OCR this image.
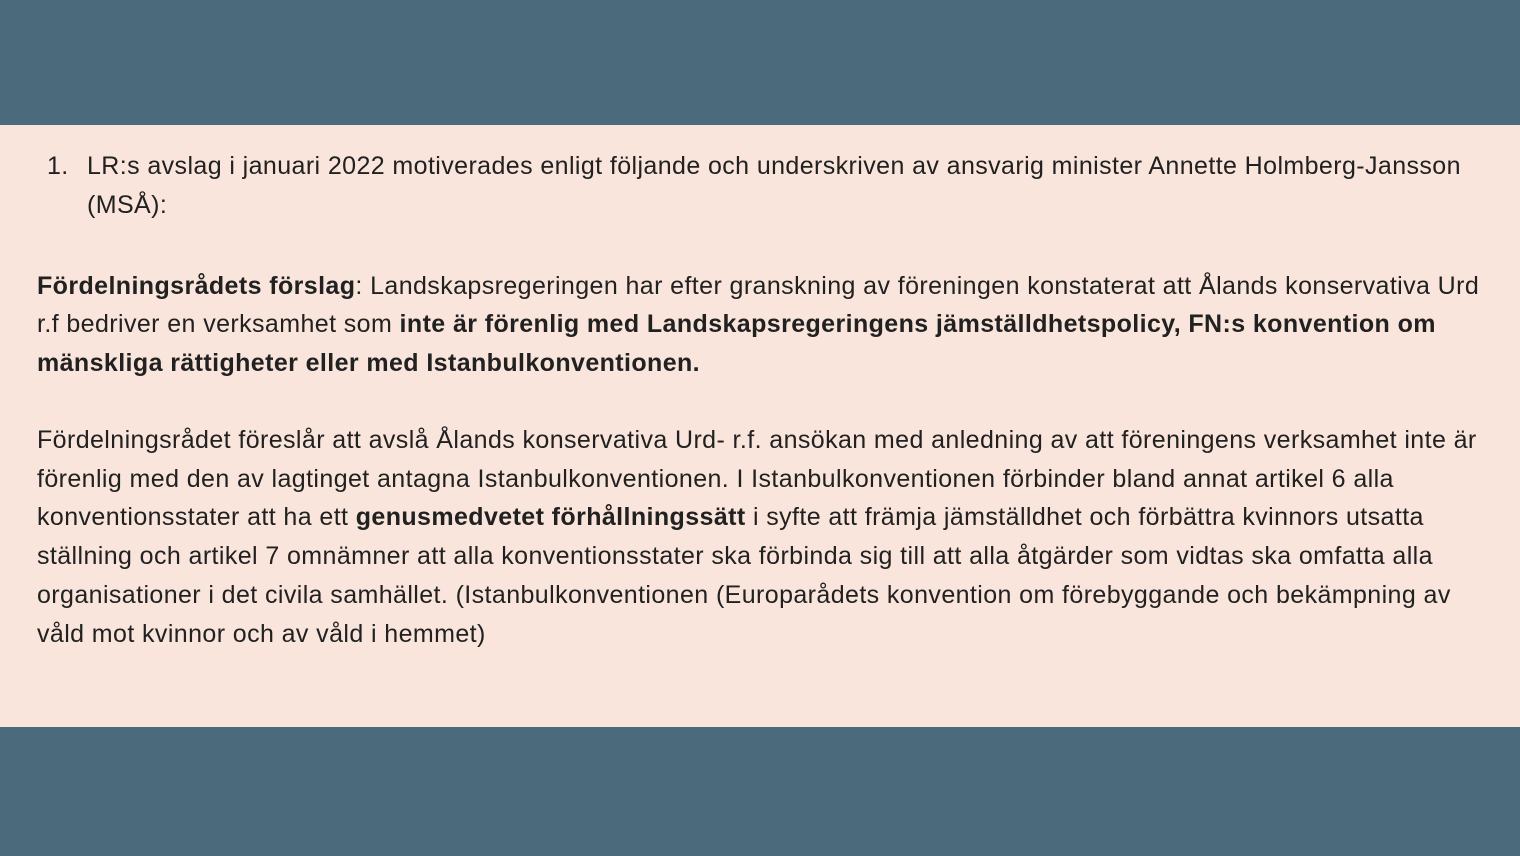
1. LR:s avslag i januari 2022 motiverades enligt följande och underskriven av ansvarig minister Annette Holmberg-Jansson (MSÅ):

Fördelningsrådets förslag: Landskapsregeringen har efter granskning av föreningen konstaterat att Ålands konservativa Urd r.f bedriver en verksamhet som inte är förenlig med Landskapsregeringens jämställdhetspolicy, FN:s konvention om mänskliga rättigheter eller med Istanbulkonventionen.

Fördelningsrådet föreslår att avslå Ålands konservativa Urd- r.f. ansökan med anledning av att föreningens verksamhet inte är förenlig med den av lagtinget antagna Istanbulkonventionen. I Istanbulkonventionen förbinder bland annat artikel 6 alla konventionsstater att ha ett genusmedvetet förhållningssätt i syfte att främja jämställdhet och förbättra kvinnors utsatta ställning och artikel 7 omnämner att alla konventionsstater ska förbinda sig till att alla åtgärder som vidtas ska omfatta alla organisationer i det civila samhället. (Istanbulkonventionen (Europarådets konvention om förebyggande och bekämpning av våld mot kvinnor och av våld i hemmet)
